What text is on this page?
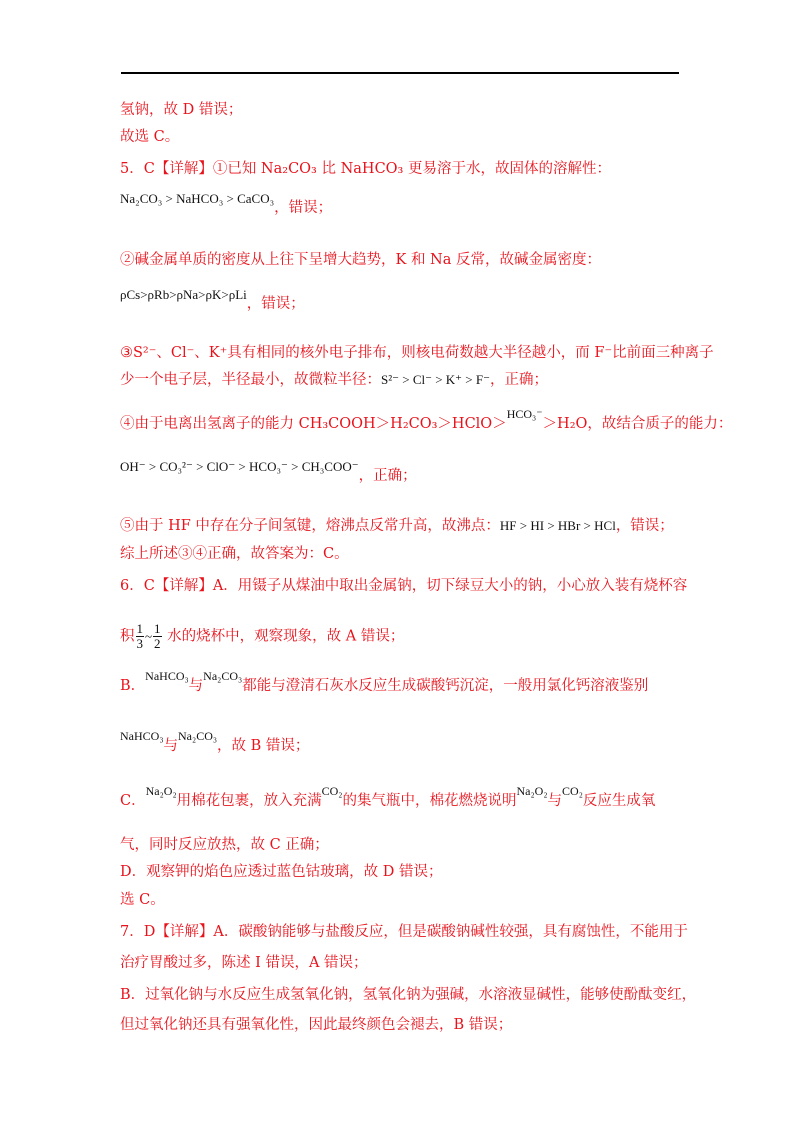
氢钠，故 D 错误；
故选 C。
5．C【详解】①已知 Na₂CO₃ 比 NaHCO₃ 更易溶于水，故固体的溶解性：
Na₂CO₃ > NaHCO₃ > CaCO₃，错误；
②碱金属单质的密度从上往下呈增大趋势，K 和 Na 反常，故碱金属密度：
ρCs>ρRb>ρNa>ρK>ρLi，错误；
③S²⁻、Cl⁻、K⁺具有相同的核外电子排布，则核电荷数越大半径越小，而 F⁻比前面三种离子
少一个电子层，半径最小，故微粒半径：S²⁻ > Cl⁻ > K⁺ > F⁻，正确；
④由于电离出氢离子的能力 CH₃COOH＞H₂CO₃＞HClO＞$^{HCO_3^-}$＞H₂O，故结合质子的能力：
OH⁻ > CO₃²⁻ > ClO⁻ > HCO₃⁻ > CH₃COO⁻，正确；
⑤由于 HF 中存在分子间氢键，熔沸点反常升高，故沸点：HF > HI > HBr > HCl，错误；
综上所述③④正确，故答案为：C。
6．C【详解】A．用镊子从煤油中取出金属钠，切下绿豆大小的钠，小心放入装有烧杯容
积 $\frac{1}{3}$ ~ $\frac{1}{2}$ 水的烧杯中，观察现象，故 A 错误；
B．$^{NaHCO_3}$与$^{Na_2CO_3}$都能与澄清石灰水反应生成碳酸钙沉淀，一般用氯化钙溶液鉴别
$^{NaHCO_3}$与$^{Na_2CO_3}$，故 B 错误；
C．$^{Na_2O_2}$用棉花包裹，放入充满$^{CO_2}$的集气瓶中，棉花燃烧说明$^{Na_2O_2}$与$^{CO_2}$反应生成氧
气，同时反应放热，故 C 正确；
D．观察钾的焰色应透过蓝色钴玻璃，故 D 错误；
选 C。
7．D【详解】A．碳酸钠能够与盐酸反应，但是碳酸钠碱性较强，具有腐蚀性，不能用于
治疗胃酸过多，陈述 I 错误，A 错误；
B．过氧化钠与水反应生成氢氧化钠，氢氧化钠为强碱，水溶液显碱性，能够使酚酞变红，
但过氧化钠还具有强氧化性，因此最终颜色会褪去，B 错误；
